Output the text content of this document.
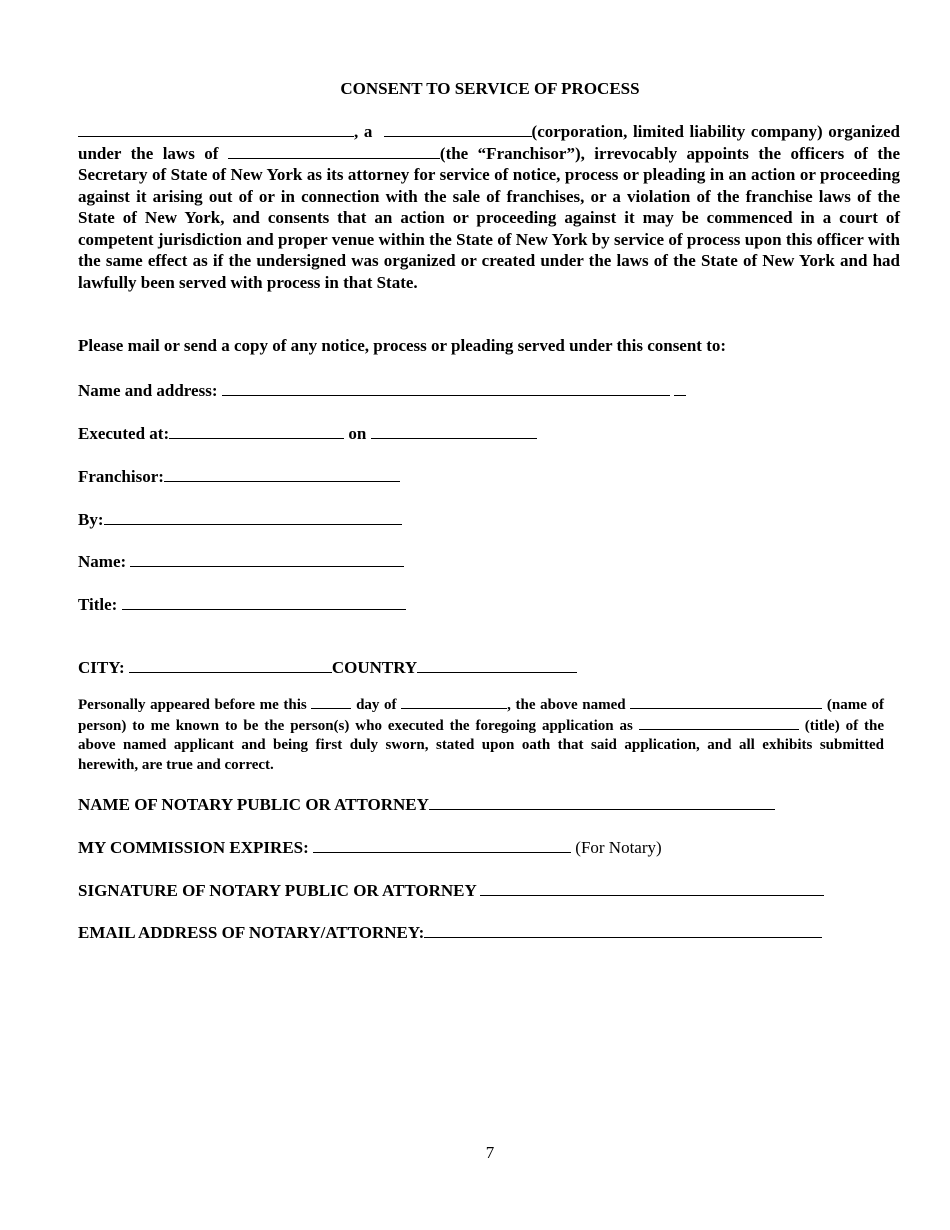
CONSENT TO SERVICE OF PROCESS
, a	(corporation, limited liability company) organized under the laws of	(the “Franchisor”), irrevocably appoints the officers of the Secretary of State of New York as its attorney for service of notice, process or pleading in an action or proceeding against it arising out of or in connection with the sale of franchises, or a violation of the franchise laws of the State of New York, and consents that an action or proceeding against it may be commenced in a court of competent jurisdiction and proper venue within the State of New York by service of process upon this officer with the same effect as if the undersigned was organized or created under the laws of the State of New York and had lawfully been served with process in that State.
Please mail or send a copy of any notice, process or pleading served under this consent to:
Name and address:
Executed at:	on
Franchisor:
By:
Name:
Title:
CITY:	COUNTRY
Personally appeared before me this	day of	, the above named	(name of person) to me known to be the person(s) who executed the foregoing application as	(title) of the above named applicant and being first duly sworn, stated upon oath that said application, and all exhibits submitted herewith, are true and correct.
NAME OF NOTARY PUBLIC OR ATTORNEY
MY COMMISSION EXPIRES:	(For Notary)
SIGNATURE OF NOTARY PUBLIC OR ATTORNEY
EMAIL ADDRESS OF NOTARY/ATTORNEY:
7
